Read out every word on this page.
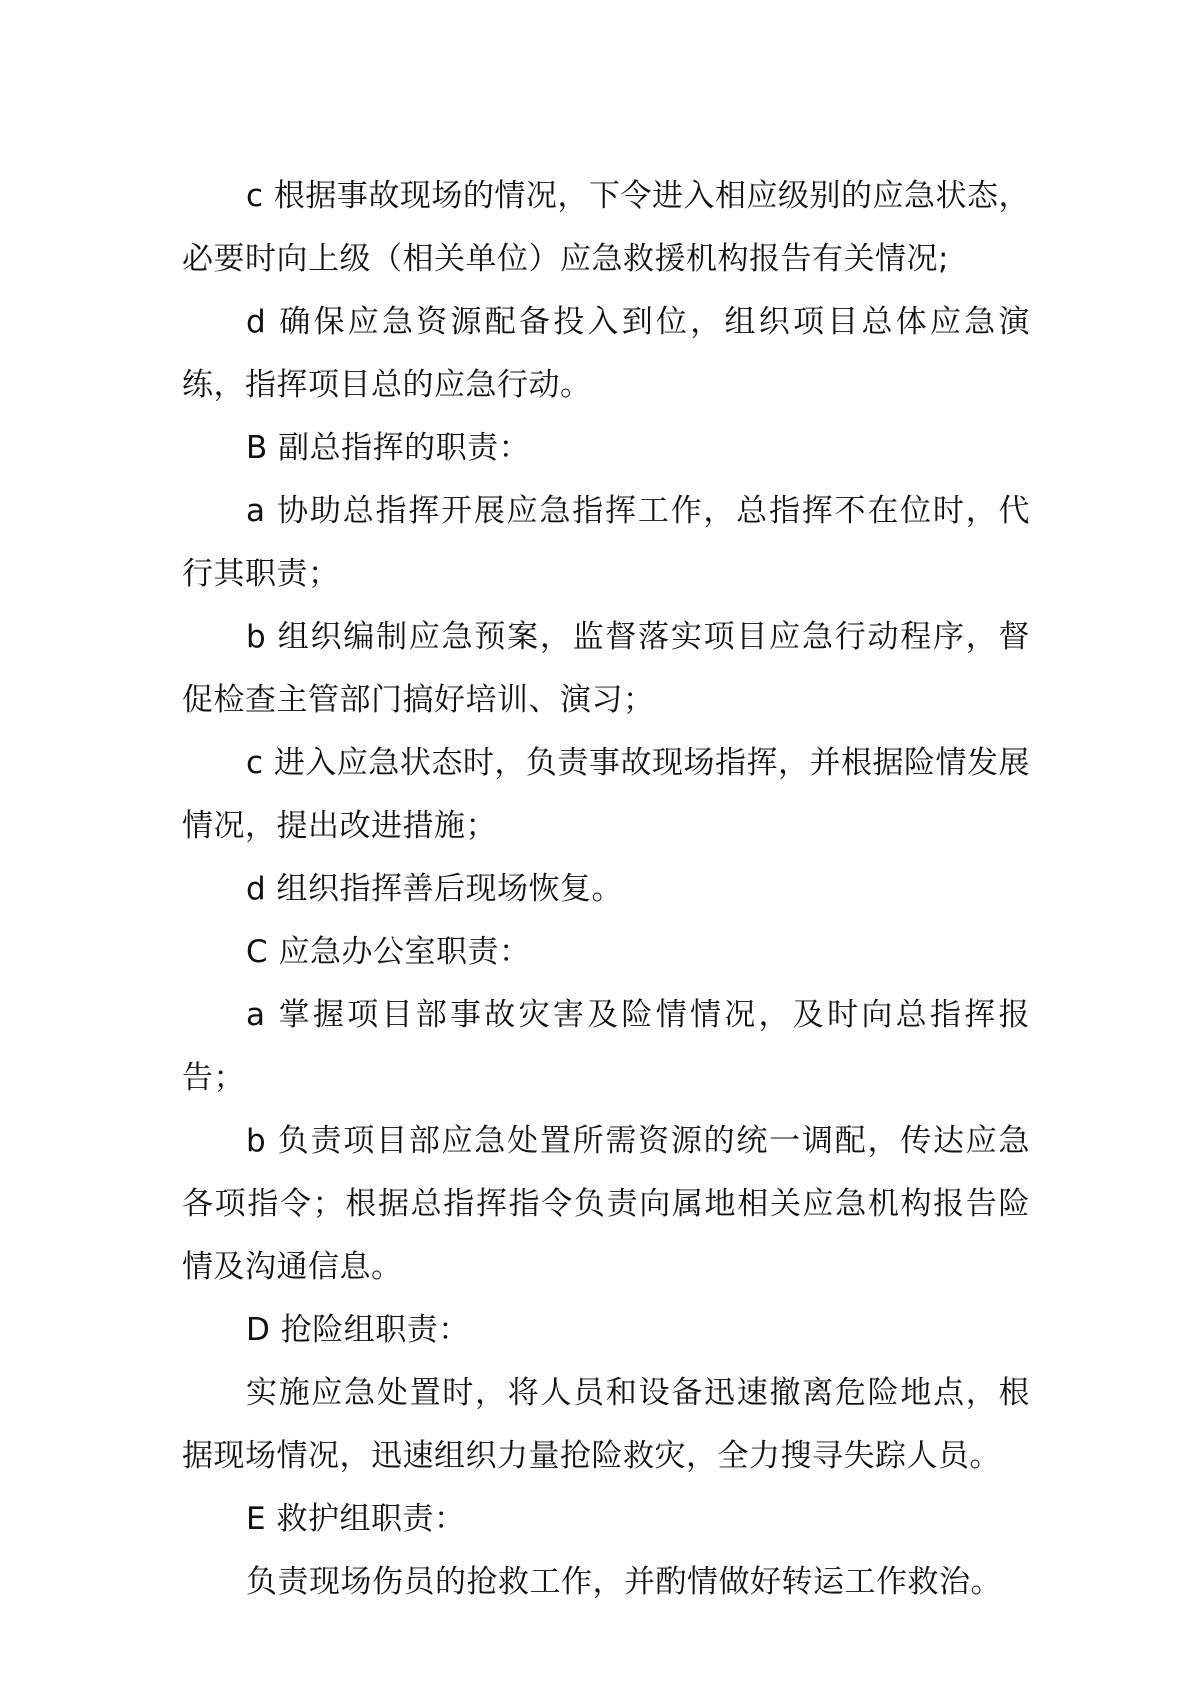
c 根据事故现场的情况，下令进入相应级别的应急状态，必要时向上级（相关单位）应急救援机构报告有关情况;

d 确保应急资源配备投入到位，组织项目总体应急演练，指挥项目总的应急行动。

B 副总指挥的职责：

a 协助总指挥开展应急指挥工作，总指挥不在位时，代行其职责；

b 组织编制应急预案，监督落实项目应急行动程序，督促检查主管部门搞好培训、演习；

c 进入应急状态时，负责事故现场指挥，并根据险情发展情况，提出改进措施；

d 组织指挥善后现场恢复。

C 应急办公室职责：

a 掌握项目部事故灾害及险情情况，及时向总指挥报告；

b 负责项目部应急处置所需资源的统一调配，传达应急各项指令；根据总指挥指令负责向属地相关应急机构报告险情及沟通信息。

D 抢险组职责：

实施应急处置时，将人员和设备迅速撤离危险地点，根据现场情况，迅速组织力量抢险救灾，全力搜寻失踪人员。

E 救护组职责：

负责现场伤员的抢救工作，并酌情做好转运工作救治。
